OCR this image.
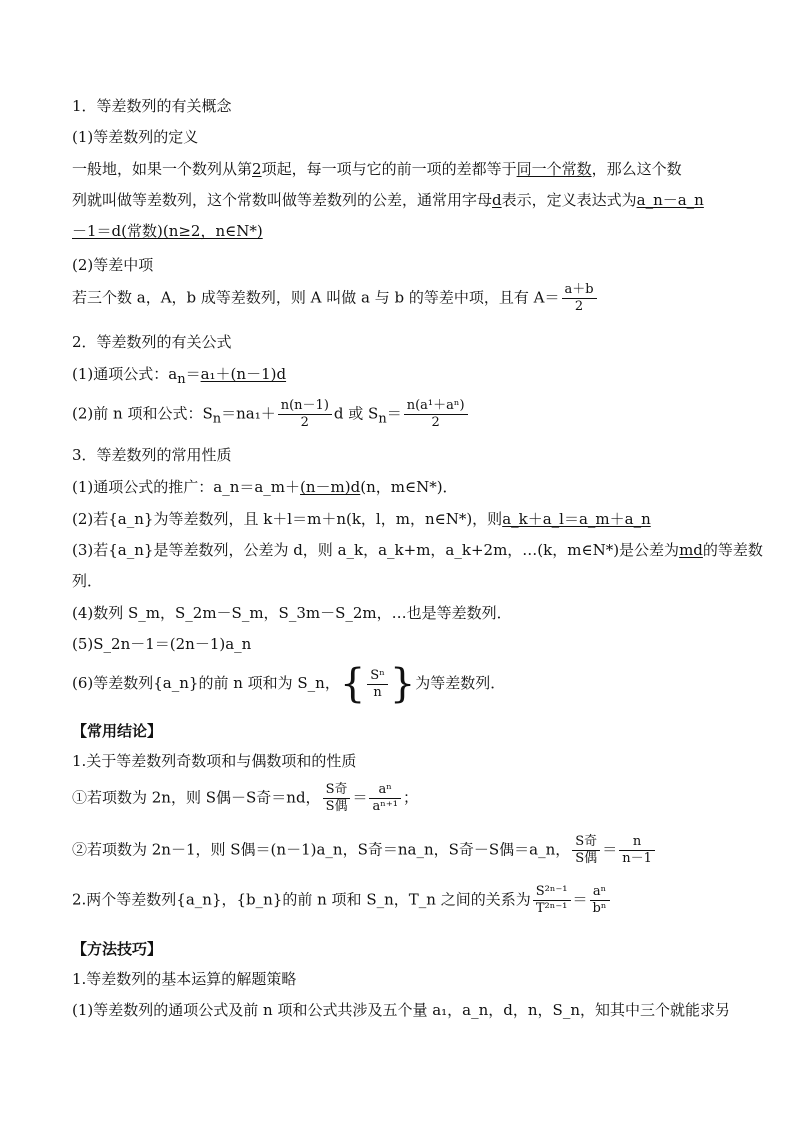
1．等差数列的有关概念
(1)等差数列的定义
一般地，如果一个数列从第2项起，每一项与它的前一项的差都等于同一个常数，那么这个数
列就叫做等差数列，这个常数叫做等差数列的公差，通常用字母d表示，定义表达式为a_n－a_n
－1＝d(常数)(n≥2，n∈N*)
(2)等差中项
若三个数 a，A，b 成等差数列，则 A 叫做 a 与 b 的等差中项，且有 $A= \frac{a+b}{2}$
2．等差数列的有关公式
(1)通项公式：$a_n=a_1+(n-1)d$
(2)前 n 项和公式：$S_n=na_1+ \frac{n(n-1)}{2}$ d 或 $S_n= \frac{\text{n(a¹＋aⁿ)}}{2}$
3．等差数列的常用性质
(1)通项公式的推广：a_n＝a_m＋(n－m)d(n，m∈N*)．
(2)若{a_n}为等差数列，且 k＋l＝m＋n(k，l，m，n∈N*)，则a_k＋a_l＝a_m＋a_n
(3)若{a_n}是等差数列，公差为 d，则 a_k，a_k+m，a_k+2m，…(k，m∈N*)是公差为md的等差数
列．
(4)数列 S_m，S_2m－S_m，S_3m－S_2m，…也是等差数列．
(5)S_2n－1＝(2n－1)a_n
(6)等差数列{a_n}的前 n 项和为 S_n，{ $\frac{\text{Sⁿ}}{n}$ }为等差数列．
【常用结论】
1.关于等差数列奇数项和与偶数项和的性质
①若项数为 2n，则 S偶－S奇＝nd， $\frac{\text{S奇}}{\text{S偶}} = \frac{\text{aⁿ}}{\text{aⁿ⁺¹}}$ ；
②若项数为 2n－1，则 S偶＝(n－1)a_n，S奇＝na_n，S奇－S偶＝a_n， $\frac{\text{S奇}}{\text{S偶}} = \frac{n}{n-1}$
2.两个等差数列{a_n}，{b_n}的前 n 项和 S_n，T_n 之间的关系为 $\frac{\text{S²ⁿ⁻¹}}{\text{T²ⁿ⁻¹}} = \frac{\text{aⁿ}}{\text{bⁿ}}$
【方法技巧】
1.等差数列的基本运算的解题策略
(1)等差数列的通项公式及前 n 项和公式共涉及五个量 a₁，a_n，d，n，S_n，知其中三个就能求另
